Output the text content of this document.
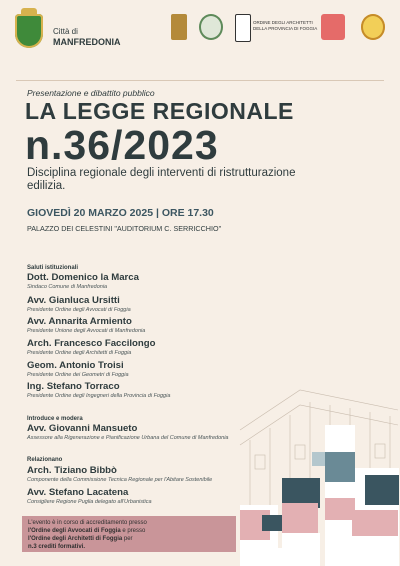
Città di
MANFREDONIA
ORDINE DEGLI ARCHITETTI
DELLA PROVINCIA DI FOGGIA
Presentazione e dibattito pubblico
LA LEGGE REGIONALE
n.36/2023
Disciplina regionale degli interventi di ristrutturazione edilizia.
GIOVEDÌ 20 MARZO 2025 | ORE 17.30
PALAZZO DEI CELESTINI "AUDITORIUM C. SERRICCHIO"
Saluti istituzionali
Dott. Domenico la Marca
Sindaco Comune di Manfredonia
Avv. Gianluca Ursitti
Presidente Ordine degli Avvocati di Foggia
Avv. Annarita Armiento
Presidente Unione degli Avvocati di Manfredonia
Arch. Francesco Faccilongo
Presidente Ordine degli Architetti di Foggia
Geom. Antonio Troisi
Presidente Ordine dei Geometri di Foggia
Ing. Stefano Torraco
Presidente Ordine degli Ingegneri della Provincia di Foggia
Introduce e modera
Avv. Giovanni Mansueto
Assessore alla Rigenerazione e Pianificazione Urbana del Comune di Manfredonia
Relazionano
Arch. Tiziano Bibbò
Componente della Commissione Tecnica Regionale per l'Abitare Sostenibile
Avv. Stefano Lacatena
Consigliere Regione Puglia delegato all'Urbanistica
L'evento è in corso di accreditamento presso
l'Ordine degli Avvocati di Foggia e presso
l'Ordine degli Architetti di Foggia per
n.3 crediti formativi.
